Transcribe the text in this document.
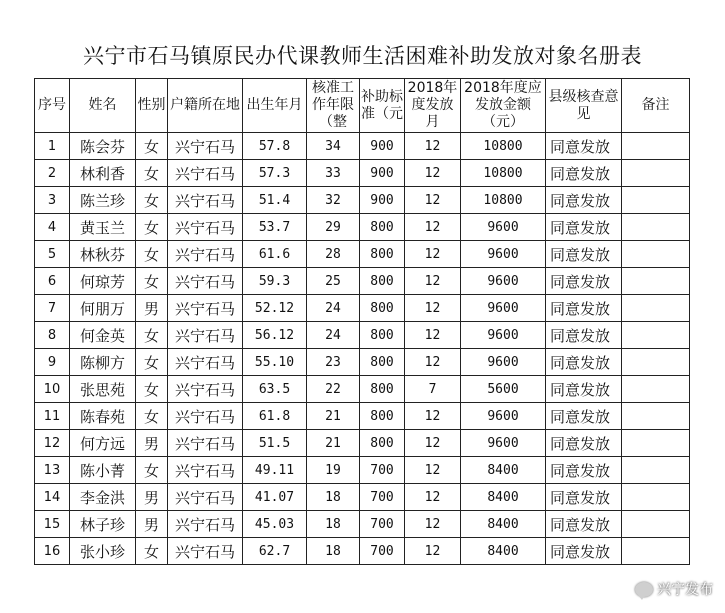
兴宁市石马镇原民办代课教师生活困难补助发放对象名册表
序号	姓名	性别	户籍所在地	出生年月	核准工作年限（整	补助标准（元	2018年度发放月	2018年度应发放金额（元）	县级核查意见	备注
1	陈会芬	女	兴宁石马	57.8	34	900	12	10800	同意发放	
2	林利香	女	兴宁石马	57.3	33	900	12	10800	同意发放	
3	陈兰珍	女	兴宁石马	51.4	32	900	12	10800	同意发放	
4	黄玉兰	女	兴宁石马	53.7	29	800	12	9600	同意发放	
5	林秋芬	女	兴宁石马	61.6	28	800	12	9600	同意发放	
6	何琼芳	女	兴宁石马	59.3	25	800	12	9600	同意发放	
7	何朋万	男	兴宁石马	52.12	24	800	12	9600	同意发放	
8	何金英	女	兴宁石马	56.12	24	800	12	9600	同意发放	
9	陈柳方	女	兴宁石马	55.10	23	800	12	9600	同意发放	
10	张思苑	女	兴宁石马	63.5	22	800	7	5600	同意发放	
11	陈春苑	女	兴宁石马	61.8	21	800	12	9600	同意发放	
12	何方远	男	兴宁石马	51.5	21	800	12	9600	同意发放	
13	陈小菁	女	兴宁石马	49.11	19	700	12	8400	同意发放	
14	李金洪	男	兴宁石马	41.07	18	700	12	8400	同意发放	
15	林子珍	男	兴宁石马	45.03	18	700	12	8400	同意发放	
16	张小珍	女	兴宁石马	62.7	18	700	12	8400	同意发放	
兴宁发布
